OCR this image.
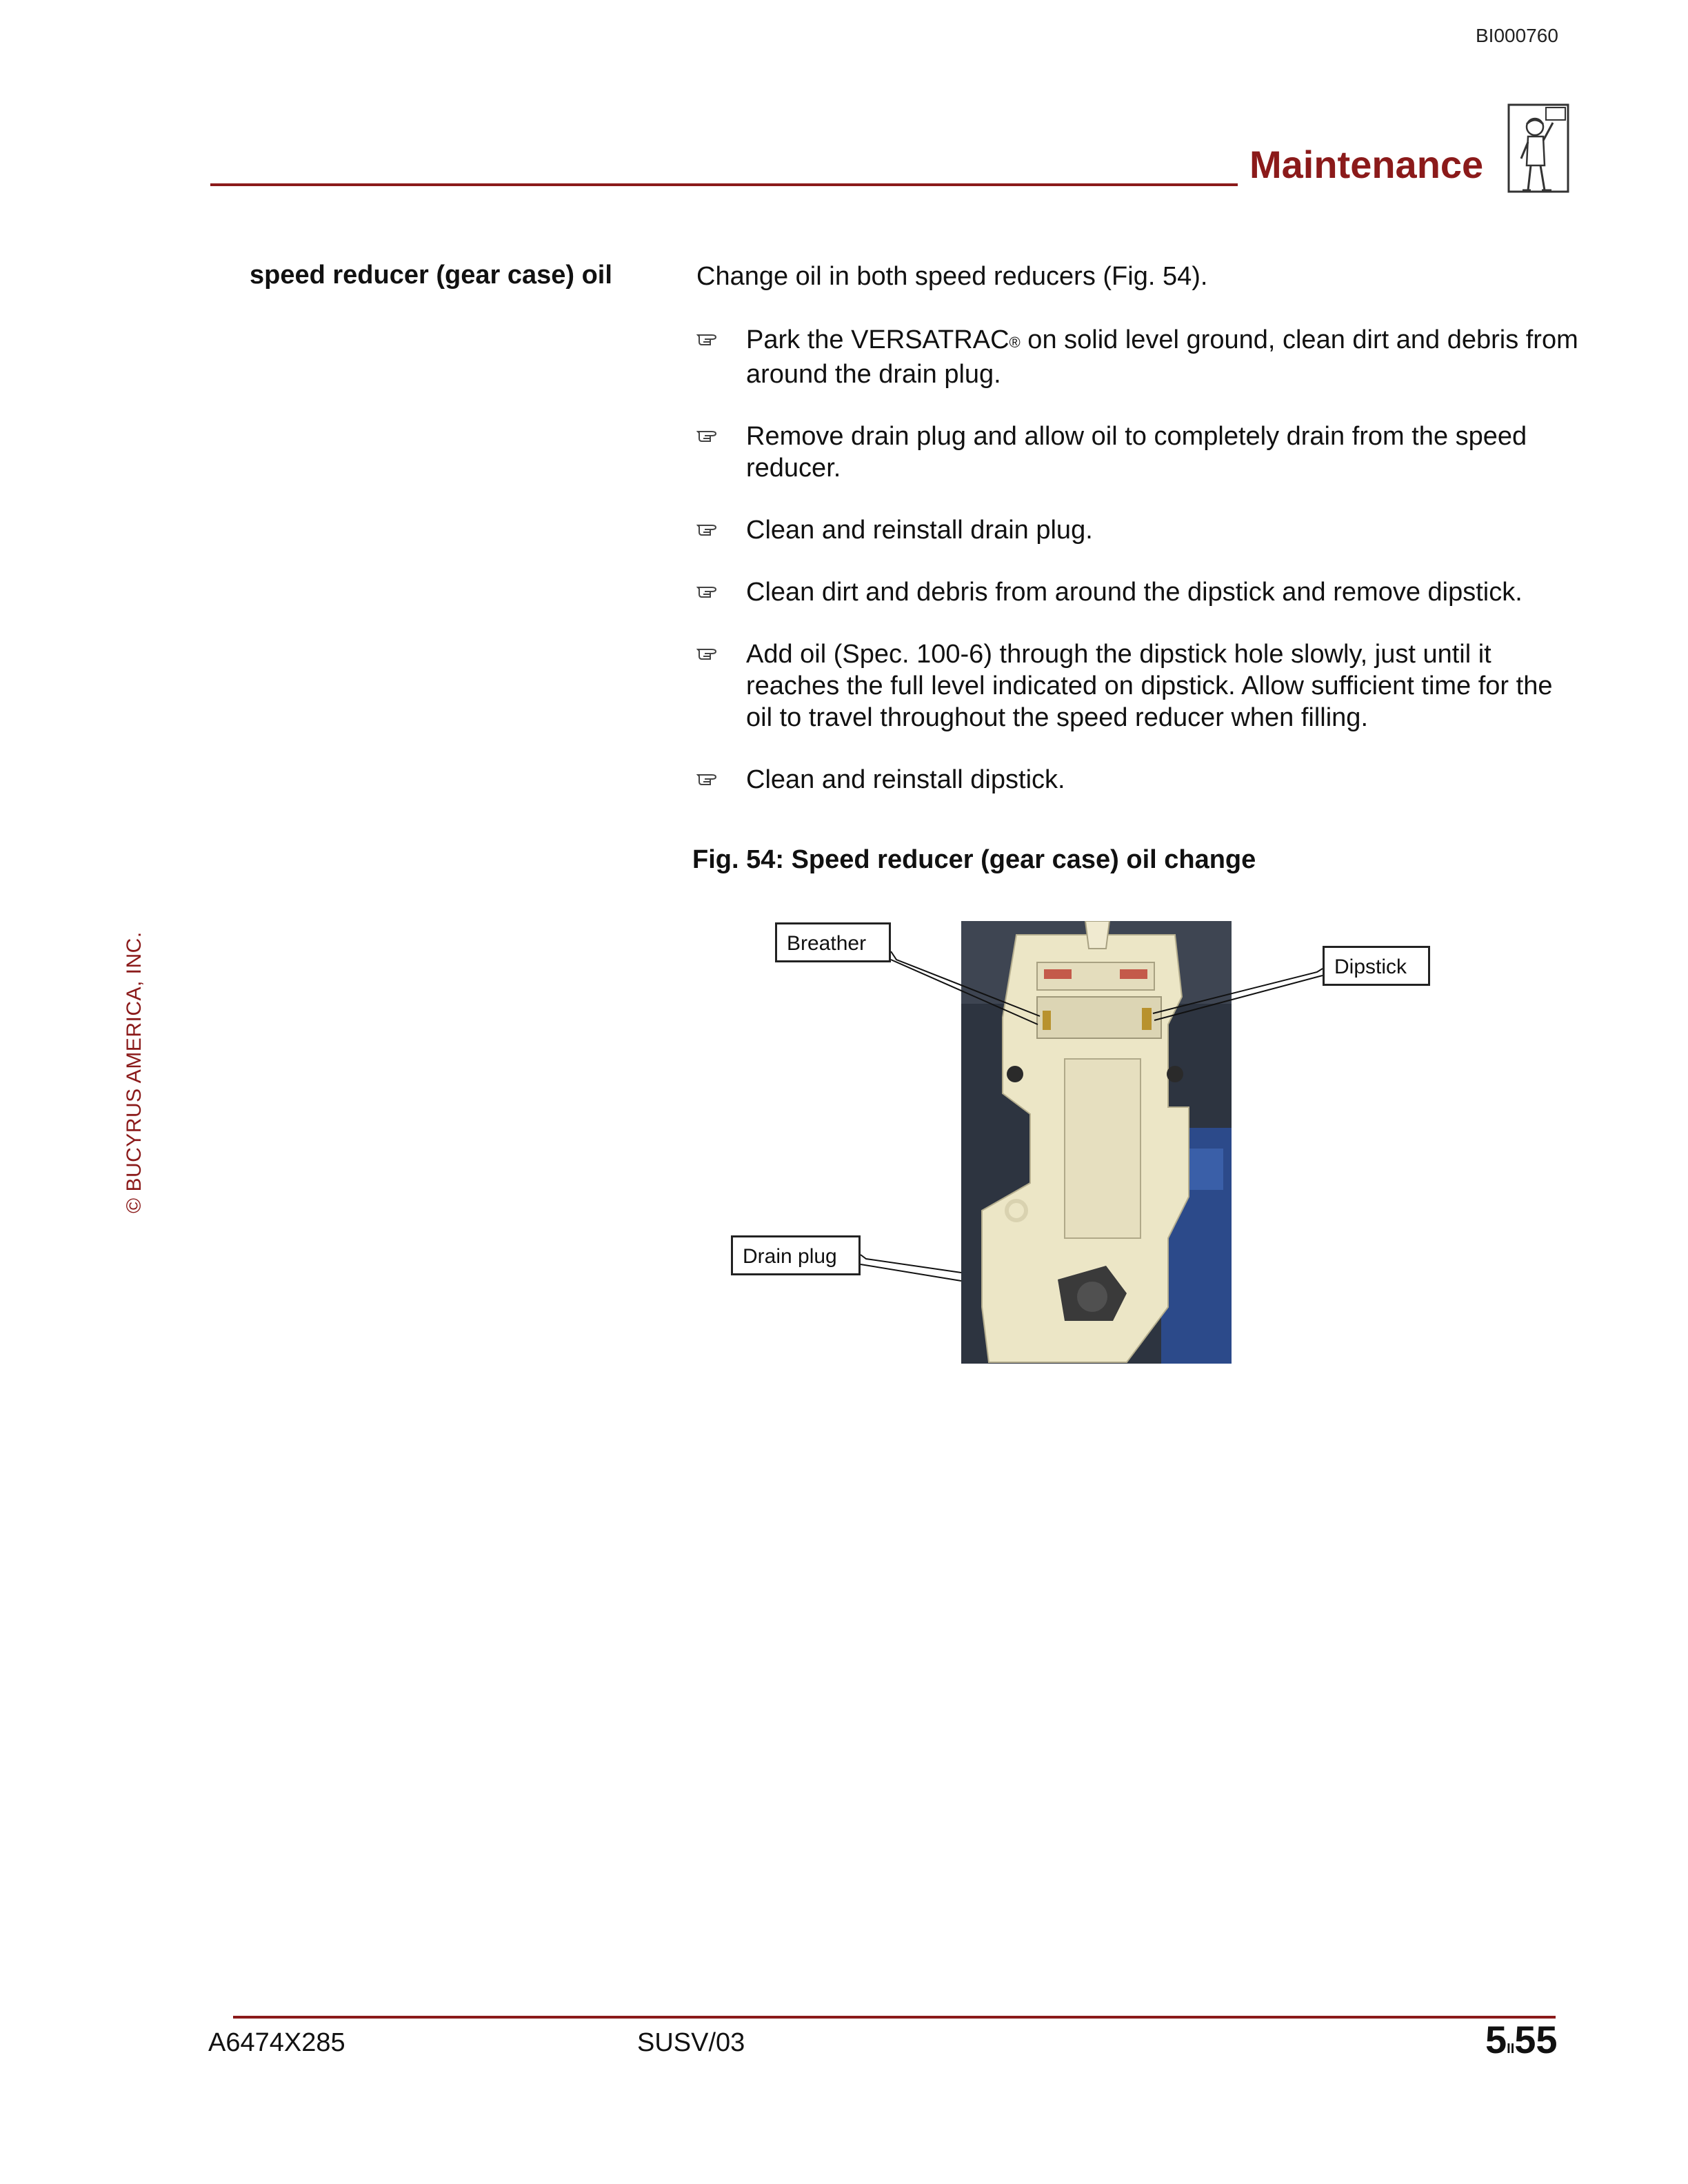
BI000760
Maintenance
© BUCYRUS AMERICA, INC.
speed reducer (gear case) oil	Change oil in both speed reducers (Fig. 54).
Park the VERSATRAC® on solid level ground, clean dirt and debris from around the drain plug.
Remove drain plug and allow oil to completely drain from the speed reducer.
Clean and reinstall drain plug.
Clean dirt and debris from around the dipstick and remove dipstick.
Add oil (Spec. 100-6) through the dipstick hole slowly, just until it reaches the full level indicated on dipstick. Allow sufficient time for the oil to travel throughout the speed reducer when filling.
Clean and reinstall dipstick.
Fig. 54: Speed reducer (gear case) oil change
Breather
Dipstick
Drain plug
A6474X285	SUSV/03	5II55
